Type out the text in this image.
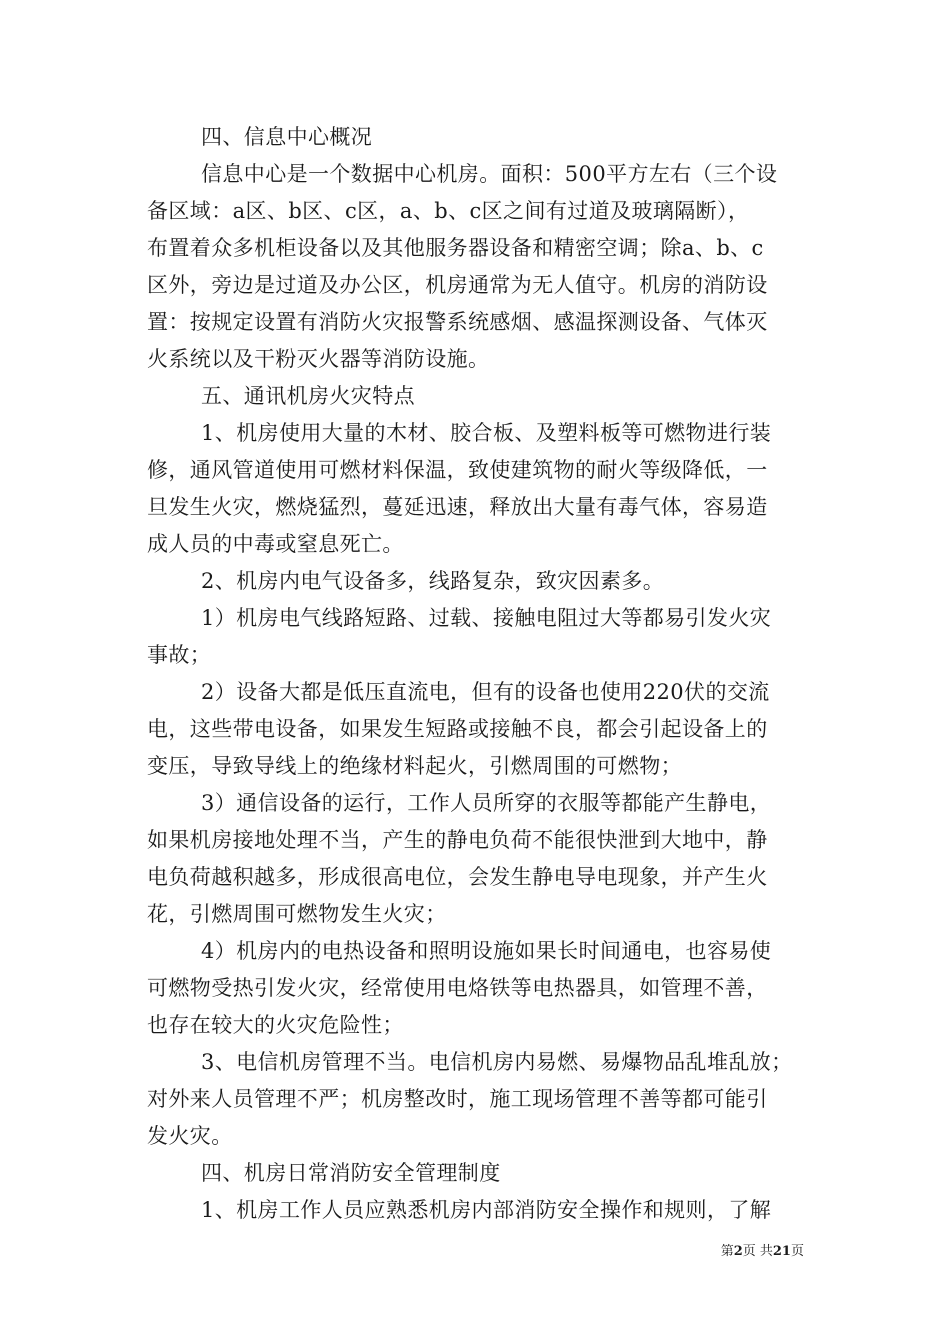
四、信息中心概况
信息中心是一个数据中心机房。面积：500平方左右（三个设
备区域：a区、b区、c区，a、b、c区之间有过道及玻璃隔断），
布置着众多机柜设备以及其他服务器设备和精密空调；除a、b、c
区外，旁边是过道及办公区，机房通常为无人值守。机房的消防设
置：按规定设置有消防火灾报警系统感烟、感温探测设备、气体灭
火系统以及干粉灭火器等消防设施。
五、通讯机房火灾特点
1、机房使用大量的木材、胶合板、及塑料板等可燃物进行装
修，通风管道使用可燃材料保温，致使建筑物的耐火等级降低，一
旦发生火灾，燃烧猛烈，蔓延迅速，释放出大量有毒气体，容易造
成人员的中毒或窒息死亡。
2、机房内电气设备多，线路复杂，致灾因素多。
1）机房电气线路短路、过载、接触电阻过大等都易引发火灾
事故；
2）设备大都是低压直流电，但有的设备也使用220伏的交流
电，这些带电设备，如果发生短路或接触不良，都会引起设备上的
变压，导致导线上的绝缘材料起火，引燃周围的可燃物；
3）通信设备的运行，工作人员所穿的衣服等都能产生静电，
如果机房接地处理不当，产生的静电负荷不能很快泄到大地中，静
电负荷越积越多，形成很高电位，会发生静电导电现象，并产生火
花，引燃周围可燃物发生火灾；
4）机房内的电热设备和照明设施如果长时间通电，也容易使
可燃物受热引发火灾，经常使用电烙铁等电热器具，如管理不善，
也存在较大的火灾危险性；
3、电信机房管理不当。电信机房内易燃、易爆物品乱堆乱放；
对外来人员管理不严；机房整改时，施工现场管理不善等都可能引
发火灾。
四、机房日常消防安全管理制度
1、机房工作人员应熟悉机房内部消防安全操作和规则，了解
第2页 共21页
